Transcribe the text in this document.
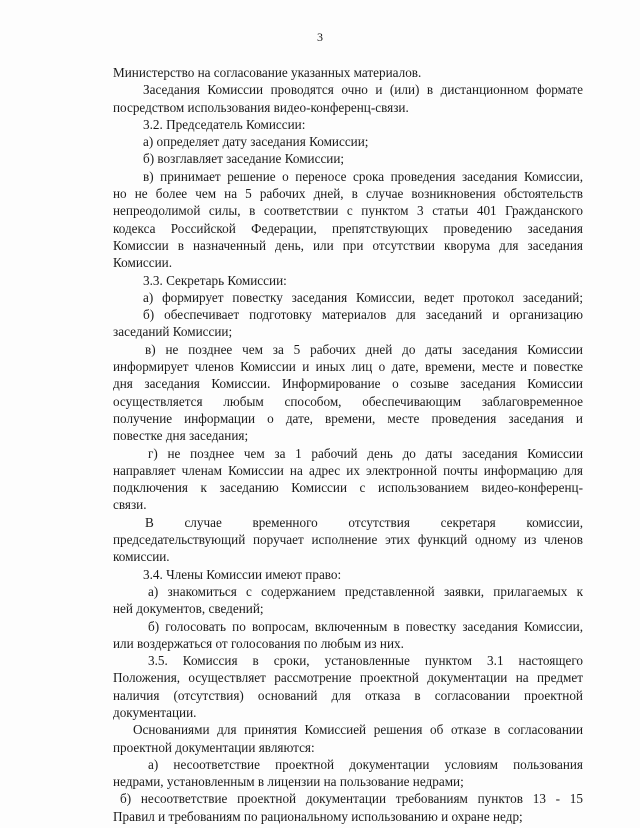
3
Министерство на согласование указанных материалов.
Заседания Комиссии проводятся очно и (или) в дистанционном формате
посредством использования видео-конференц-связи.
3.2. Председатель Комиссии:
а) определяет дату заседания Комиссии;
б) возглавляет заседание Комиссии;
в) принимает решение о переносе срока проведения заседания Комиссии,
но не более чем на 5 рабочих дней, в случае возникновения обстоятельств
непреодолимой силы, в соответствии с пунктом 3 статьи 401 Гражданского
кодекса Российской Федерации, препятствующих проведению заседания
Комиссии в назначенный день, или при отсутствии кворума для заседания
Комиссии.
3.3. Секретарь Комиссии:
а) формирует повестку заседания Комиссии, ведет протокол заседаний;
б) обеспечивает подготовку материалов для заседаний и организацию
заседаний Комиссии;
в) не позднее чем за 5 рабочих дней до даты заседания Комиссии
информирует членов Комиссии и иных лиц о дате, времени, месте и повестке
дня заседания Комиссии. Информирование о созыве заседания Комиссии
осуществляется любым способом, обеспечивающим заблаговременное
получение информации о дате, времени, месте проведения заседания и
повестке дня заседания;
г) не позднее чем за 1 рабочий день до даты заседания Комиссии
направляет членам Комиссии на адрес их электронной почты информацию для
подключения к заседанию Комиссии с использованием видео-конференц-
связи.
В случае временного отсутствия секретаря комиссии,
председательствующий поручает исполнение этих функций одному из членов
комиссии.
3.4. Члены Комиссии имеют право:
а) знакомиться с содержанием представленной заявки, прилагаемых к
ней документов, сведений;
б) голосовать по вопросам, включенным в повестку заседания Комиссии,
или воздержаться от голосования по любым из них.
3.5. Комиссия в сроки, установленные пунктом 3.1 настоящего
Положения, осуществляет рассмотрение проектной документации на предмет
наличия (отсутствия) оснований для отказа в согласовании проектной
документации.
Основаниями для принятия Комиссией решения об отказе в согласовании
проектной документации являются:
а) несоответствие проектной документации условиям пользования
недрами, установленным в лицензии на пользование недрами;
б) несоответствие проектной документации требованиям пунктов 13 - 15
Правил и требованиям по рациональному использованию и охране недр;
